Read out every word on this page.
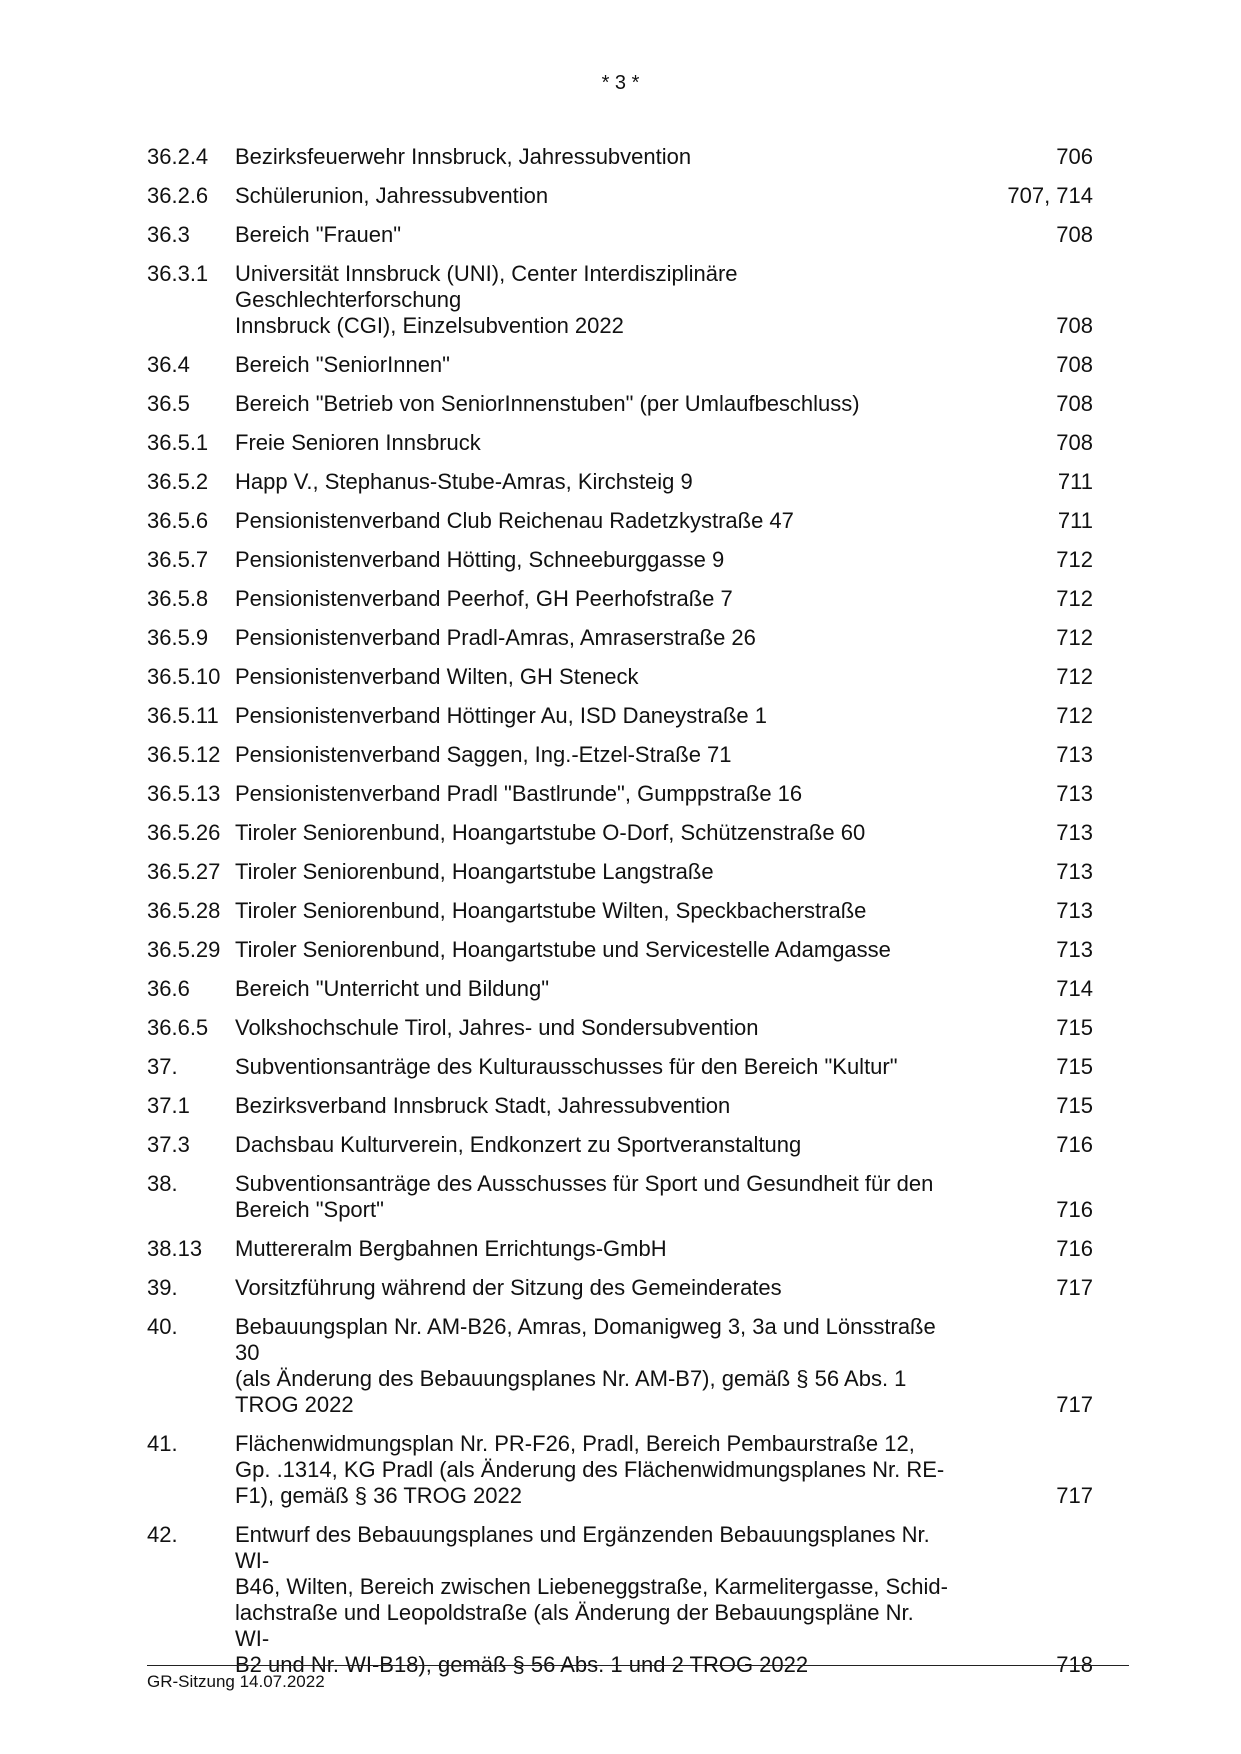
* 3 *
36.2.4	Bezirksfeuerwehr Innsbruck, Jahressubvention	706
36.2.6	Schülerunion, Jahressubvention	707, 714
36.3	Bereich "Frauen"	708
36.3.1	Universität Innsbruck (UNI), Center Interdisziplinäre Geschlechterforschung
Innsbruck (CGI), Einzelsubvention 2022	708
36.4	Bereich "SeniorInnen"	708
36.5	Bereich "Betrieb von SeniorInnenstuben" (per Umlaufbeschluss)	708
36.5.1	Freie Senioren Innsbruck	708
36.5.2	Happ V., Stephanus-Stube-Amras, Kirchsteig 9	711
36.5.6	Pensionistenverband Club Reichenau Radetzkystraße 47	711
36.5.7	Pensionistenverband Hötting, Schneeburggasse 9	712
36.5.8	Pensionistenverband Peerhof, GH Peerhofstraße 7	712
36.5.9	Pensionistenverband Pradl-Amras, Amraserstraße 26	712
36.5.10 Pensionistenverband Wilten, GH Steneck	712
36.5.11 Pensionistenverband Höttinger Au, ISD Daneystraße 1	712
36.5.12 Pensionistenverband Saggen, Ing.-Etzel-Straße 71	713
36.5.13 Pensionistenverband Pradl "Bastlrunde", Gumppstraße 16	713
36.5.26 Tiroler Seniorenbund, Hoangartstube O-Dorf, Schützenstraße 60	713
36.5.27 Tiroler Seniorenbund, Hoangartstube Langstraße	713
36.5.28 Tiroler Seniorenbund, Hoangartstube Wilten, Speckbacherstraße	713
36.5.29 Tiroler Seniorenbund, Hoangartstube und Servicestelle Adamgasse	713
36.6	Bereich "Unterricht und Bildung"	714
36.6.5	Volkshochschule Tirol, Jahres- und Sondersubvention	715
37.	Subventionsanträge des Kulturausschusses für den Bereich "Kultur"	715
37.1	Bezirksverband Innsbruck Stadt, Jahressubvention	715
37.3	Dachsbau Kulturverein, Endkonzert zu Sportveranstaltung	716
38.	Subventionsanträge des Ausschusses für Sport und Gesundheit für den
Bereich "Sport"	716
38.13	Muttereralm Bergbahnen Errichtungs-GmbH	716
39.	Vorsitzführung während der Sitzung des Gemeinderates	717
40.	Bebauungsplan Nr. AM-B26, Amras, Domanigweg 3, 3a und Lönsstraße 30
(als Änderung des Bebauungsplanes Nr. AM-B7), gemäß § 56 Abs. 1
TROG 2022	717
41.	Flächenwidmungsplan Nr. PR-F26, Pradl, Bereich Pembaurstraße 12,
Gp. .1314, KG Pradl (als Änderung des Flächenwidmungsplanes Nr. RE-
F1), gemäß § 36 TROG 2022	717
42.	Entwurf des Bebauungsplanes und Ergänzenden Bebauungsplanes Nr. WI-
B46, Wilten, Bereich zwischen Liebeneggstraße, Karmelitergasse, Schid-
lachstraße und Leopoldstraße (als Änderung der Bebauungspläne Nr. WI-
B2 und Nr. WI-B18), gemäß § 56 Abs. 1 und 2 TROG 2022	718
GR-Sitzung 14.07.2022
